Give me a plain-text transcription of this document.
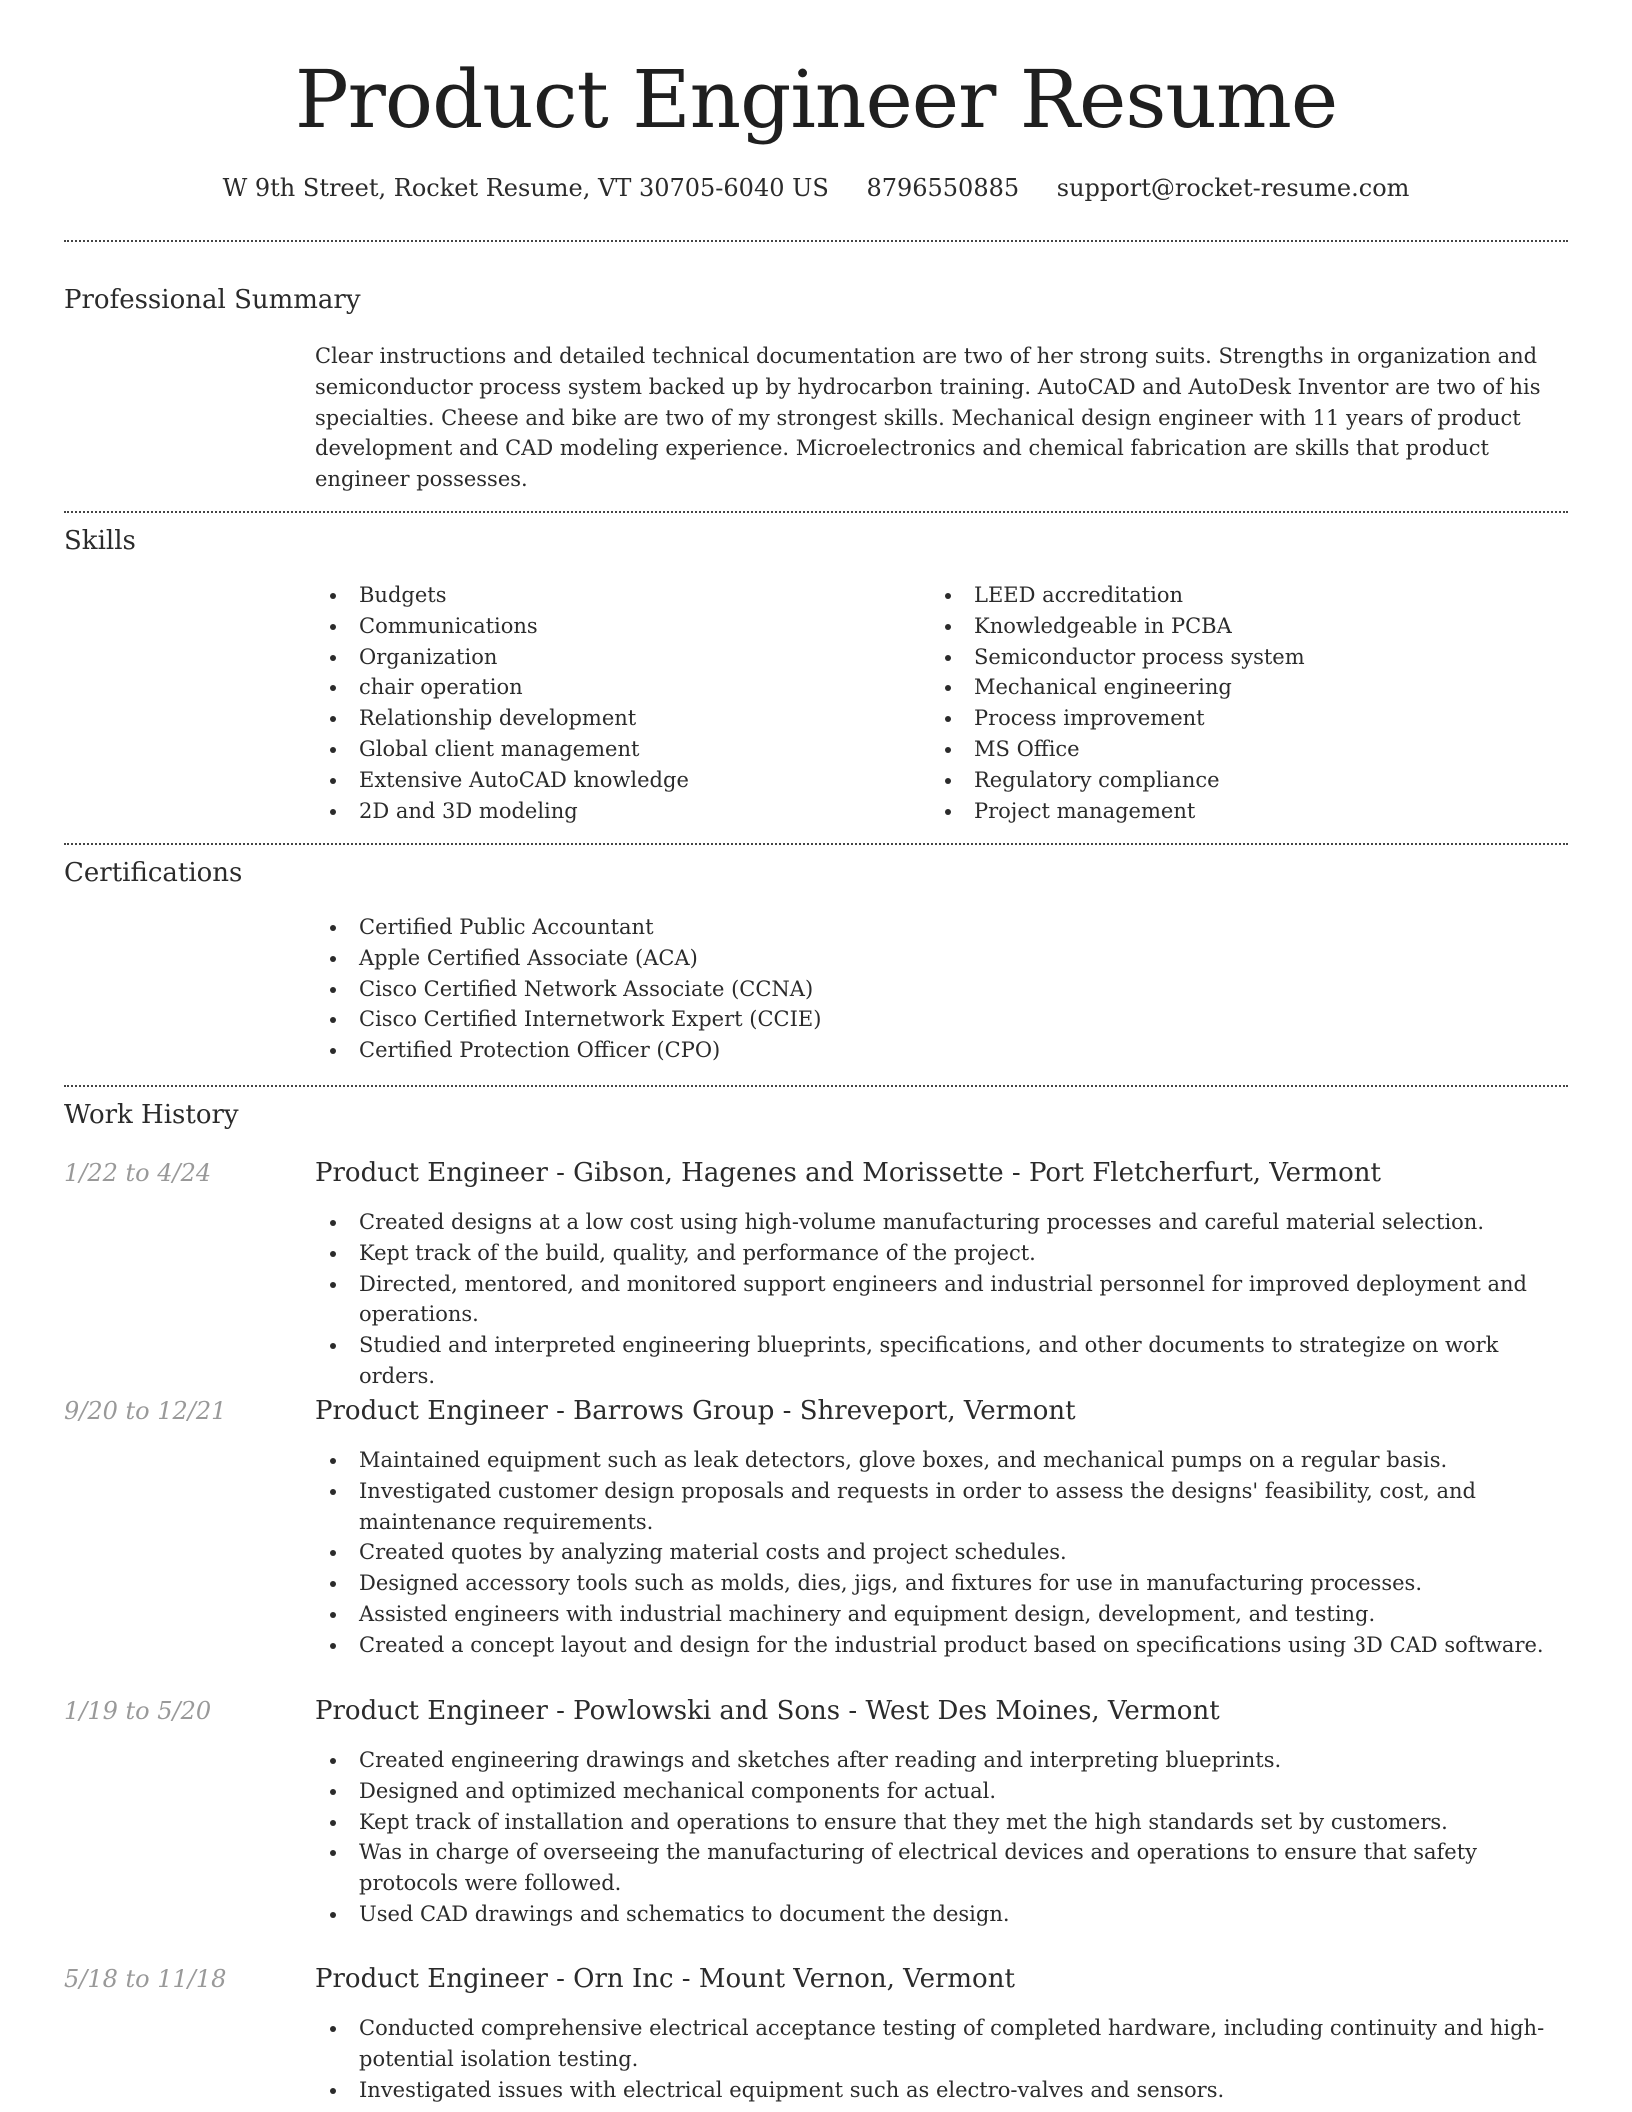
Product Engineer Resume
W 9th Street, Rocket Resume, VT 30705-6040 US 8796550885 support@rocket-resume.com
Professional Summary

Clear instructions and detailed technical documentation are two of her strong suits. Strengths in organization and semiconductor process system backed up by hydrocarbon training. AutoCAD and AutoDesk Inventor are two of his specialties. Cheese and bike are two of my strongest skills. Mechanical design engineer with 11 years of product development and CAD modeling experience. Microelectronics and chemical fabrication are skills that product engineer possesses.

Skills
Budgets
Communications
Organization
chair operation
Relationship development
Global client management
Extensive AutoCAD knowledge
2D and 3D modeling
LEED accreditation
Knowledgeable in PCBA
Semiconductor process system
Mechanical engineering
Process improvement
MS Office
Regulatory compliance
Project management
Certifications
Certified Public Accountant
Apple Certified Associate (ACA)
Cisco Certified Network Associate (CCNA)
Cisco Certified Internetwork Expert (CCIE)
Certified Protection Officer (CPO)
Work History
1/22 to 4/24	Product Engineer - Gibson, Hagenes and Morissette - Port Fletcherfurt, Vermont
Created designs at a low cost using high-volume manufacturing processes and careful material selection.
Kept track of the build, quality, and performance of the project.
Directed, mentored, and monitored support engineers and industrial personnel for improved deployment and operations.
Studied and interpreted engineering blueprints, specifications, and other documents to strategize on work orders.
9/20 to 12/21	Product Engineer - Barrows Group - Shreveport, Vermont
Maintained equipment such as leak detectors, glove boxes, and mechanical pumps on a regular basis.
Investigated customer design proposals and requests in order to assess the designs' feasibility, cost, and maintenance requirements.
Created quotes by analyzing material costs and project schedules.
Designed accessory tools such as molds, dies, jigs, and fixtures for use in manufacturing processes.
Assisted engineers with industrial machinery and equipment design, development, and testing.
Created a concept layout and design for the industrial product based on specifications using 3D CAD software.
1/19 to 5/20	Product Engineer - Powlowski and Sons - West Des Moines, Vermont
Created engineering drawings and sketches after reading and interpreting blueprints.
Designed and optimized mechanical components for actual.
Kept track of installation and operations to ensure that they met the high standards set by customers.
Was in charge of overseeing the manufacturing of electrical devices and operations to ensure that safety protocols were followed.
Used CAD drawings and schematics to document the design.
5/18 to 11/18	Product Engineer - Orn Inc - Mount Vernon, Vermont
Conducted comprehensive electrical acceptance testing of completed hardware, including continuity and high-potential isolation testing.
Investigated issues with electrical equipment such as electro-valves and sensors.
